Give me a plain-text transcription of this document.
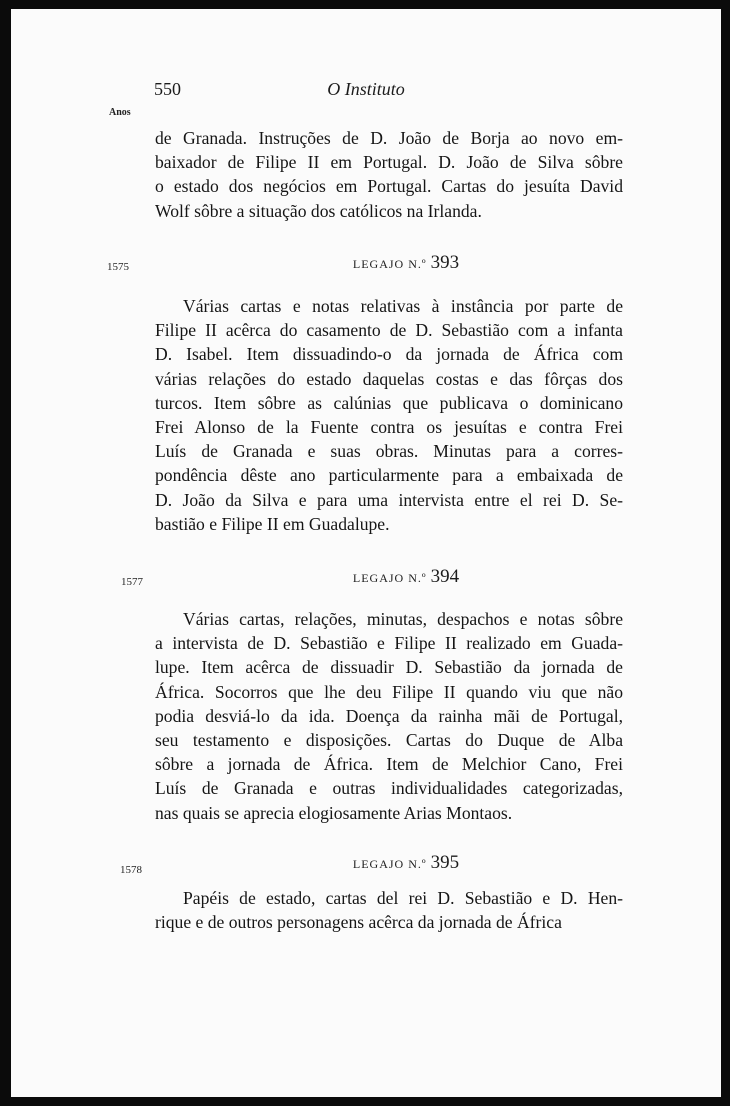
550	O Instituto
Anos
de Granada. Instruções de D. João de Borja ao novo em-
baixador de Filipe II em Portugal. D. João de Silva sôbre
o estado dos negócios em Portugal. Cartas do jesuíta David
Wolf sôbre a situação dos católicos na Irlanda.
1575	LEGAJO N.º 393
Várias cartas e notas relativas à instância por parte de
Filipe II acêrca do casamento de D. Sebastião com a infanta
D. Isabel. Item dissuadindo-o da jornada de África com
várias relações do estado daquelas costas e das fôrças dos
turcos. Item sôbre as calúnias que publicava o dominicano
Frei Alonso de la Fuente contra os jesuítas e contra Frei
Luís de Granada e suas obras. Minutas para a corres-
pondência dêste ano particularmente para a embaixada de
D. João da Silva e para uma intervista entre el rei D. Se-
bastião e Filipe II em Guadalupe.
1577	LEGAJO N.º 394
Várias cartas, relações, minutas, despachos e notas sôbre
a intervista de D. Sebastião e Filipe II realizado em Guada-
lupe. Item acêrca de dissuadir D. Sebastião da jornada de
África. Socorros que lhe deu Filipe II quando viu que não
podia desviá-lo da ida. Doença da rainha mãi de Portugal,
seu testamento e disposições. Cartas do Duque de Alba
sôbre a jornada de África. Item de Melchior Cano, Frei
Luís de Granada e outras individualidades categorizadas,
nas quais se aprecia elogiosamente Arias Montaos.
1578	LEGAJO N.º 395
Papéis de estado, cartas del rei D. Sebastião e D. Hen-
rique e de outros personagens acêrca da jornada de África
